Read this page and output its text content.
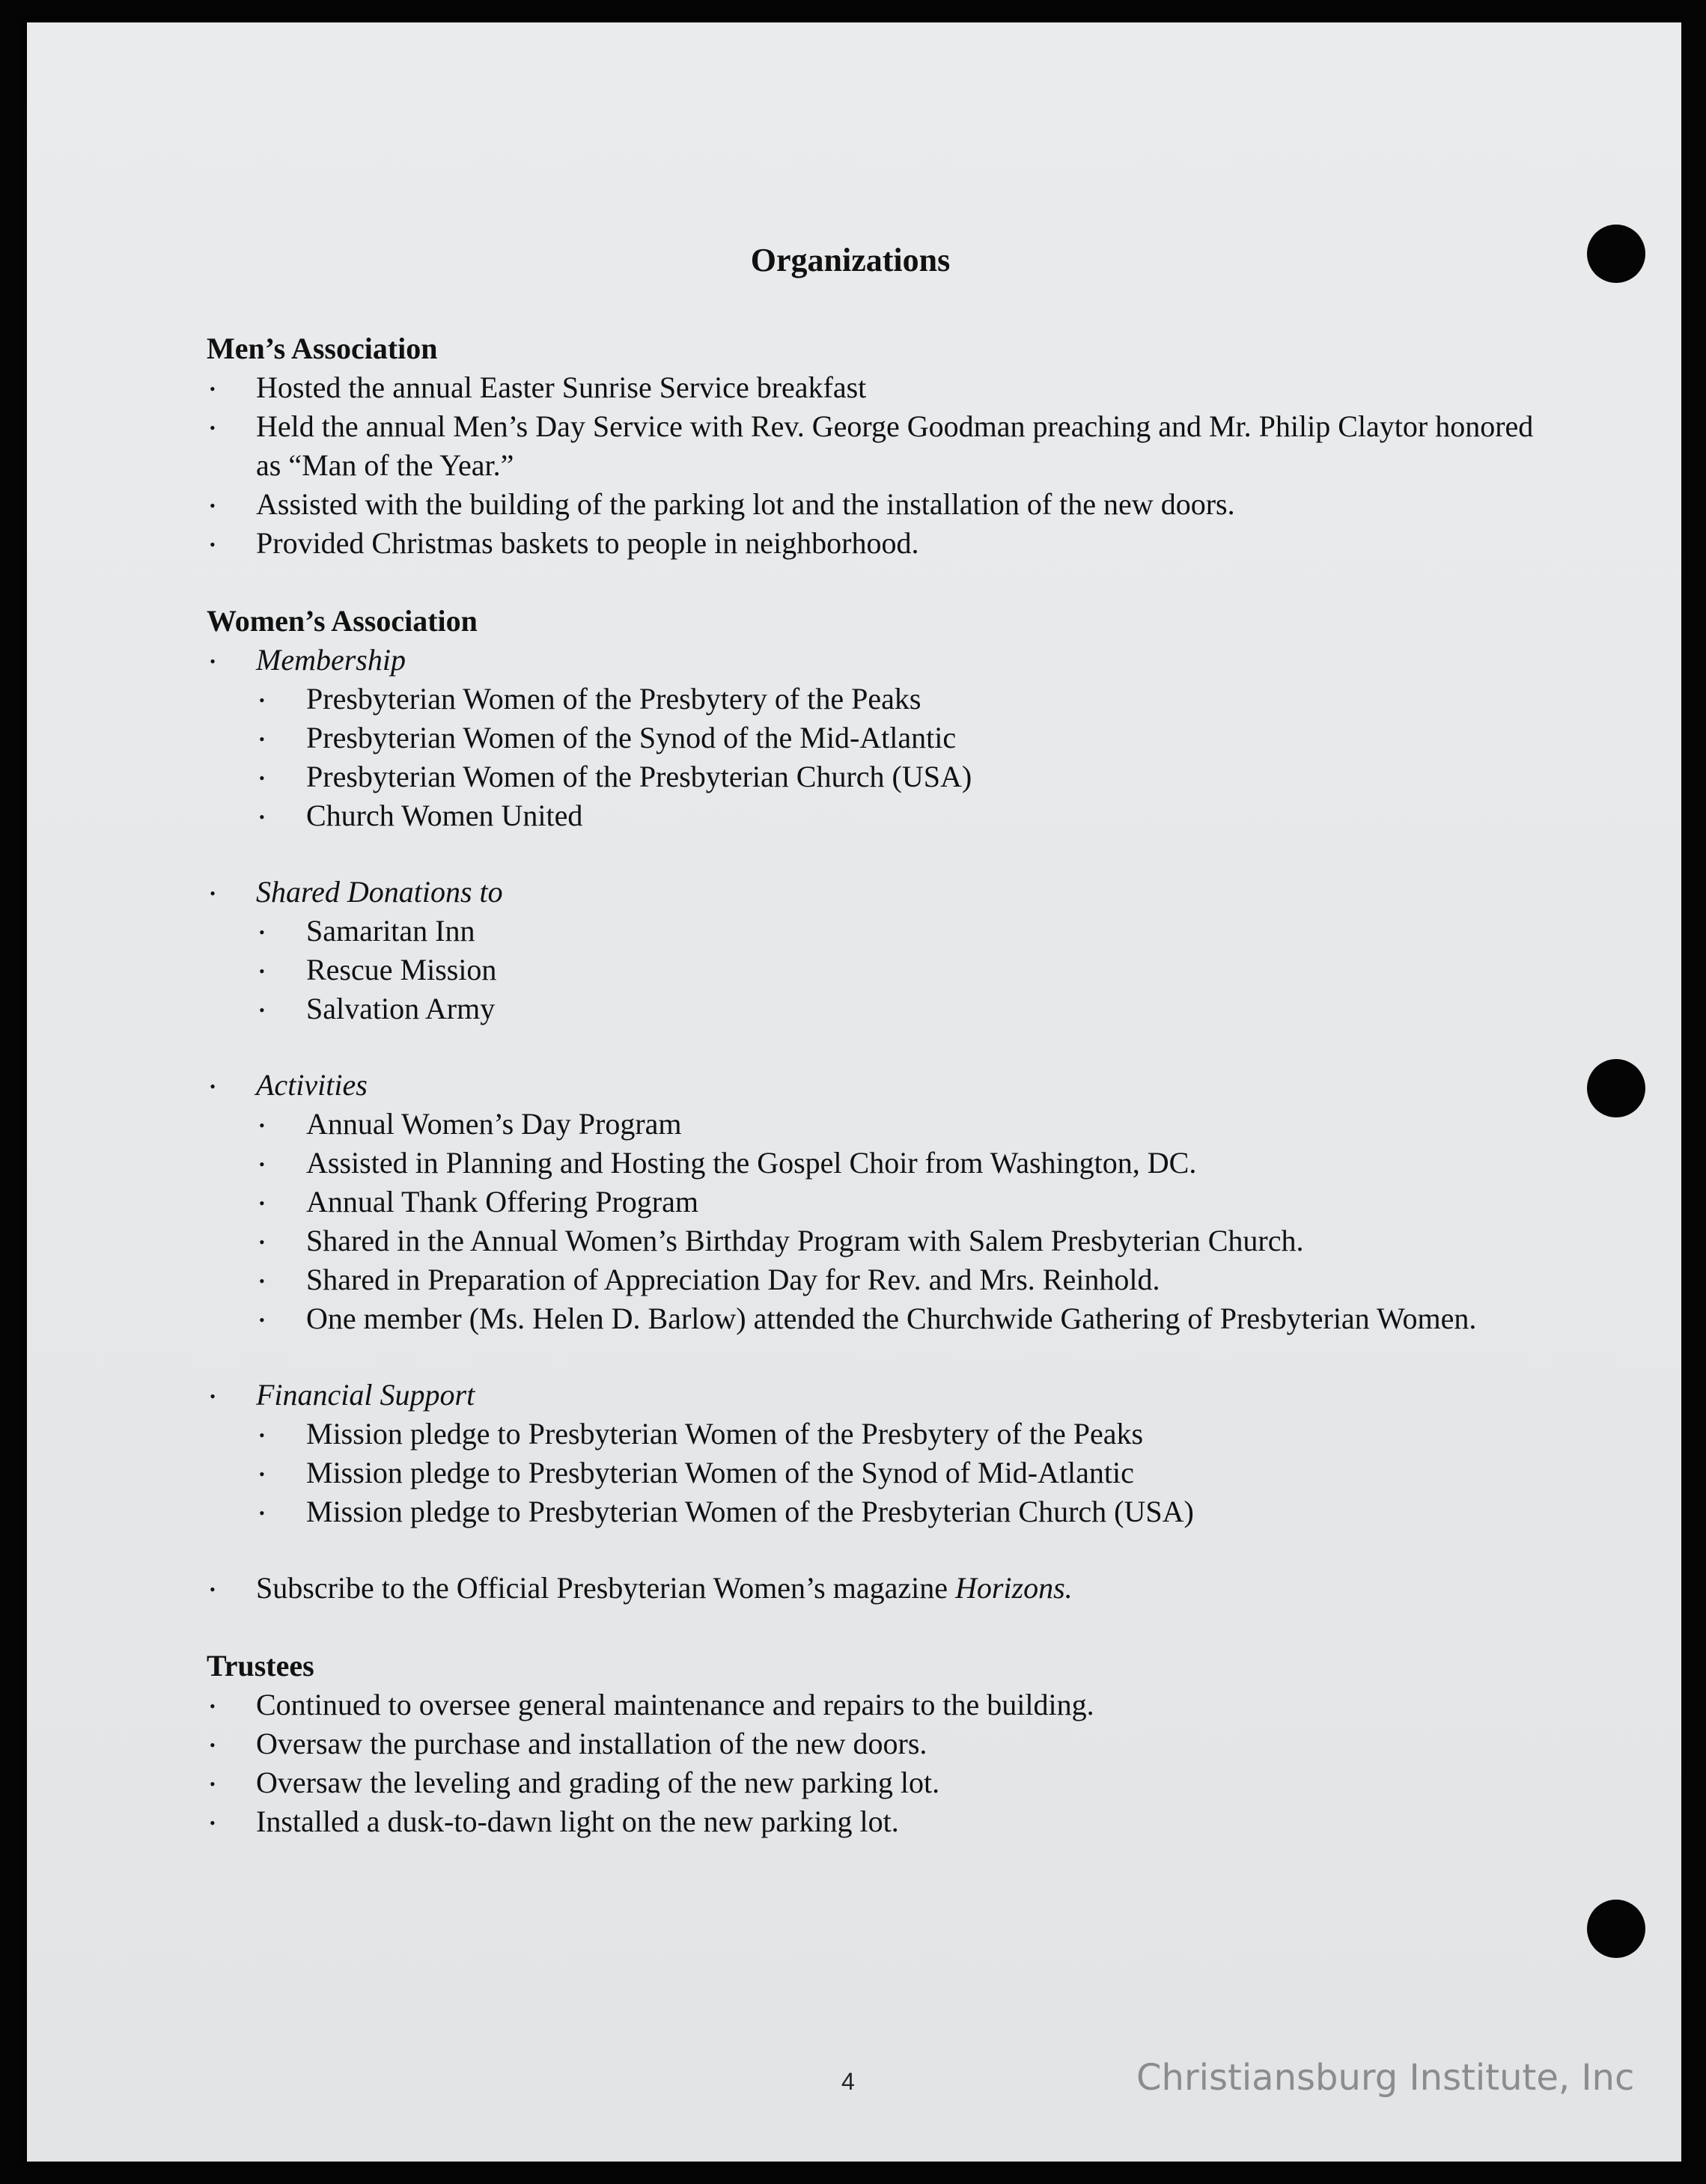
Organizations
Men’s Association
• Hosted the annual Easter Sunrise Service breakfast
• Held the annual Men’s Day Service with Rev. George Goodman preaching and Mr. Philip Claytor honored as “Man of the Year.”
• Assisted with the building of the parking lot and the installation of the new doors.
• Provided Christmas baskets to people in neighborhood.
Women’s Association
• Membership
• Presbyterian Women of the Presbytery of the Peaks
• Presbyterian Women of the Synod of the Mid-Atlantic
• Presbyterian Women of the Presbyterian Church (USA)
• Church Women United
• Shared Donations to
• Samaritan Inn
• Rescue Mission
• Salvation Army
• Activities
• Annual Women’s Day Program
• Assisted in Planning and Hosting the Gospel Choir from Washington, DC.
• Annual Thank Offering Program
• Shared in the Annual Women’s Birthday Program with Salem Presbyterian Church.
• Shared in Preparation of Appreciation Day for Rev. and Mrs. Reinhold.
• One member (Ms. Helen D. Barlow) attended the Churchwide Gathering of Presbyterian Women.
• Financial Support
• Mission pledge to Presbyterian Women of the Presbytery of the Peaks
• Mission pledge to Presbyterian Women of the Synod of Mid-Atlantic
• Mission pledge to Presbyterian Women of the Presbyterian Church (USA)
• Subscribe to the Official Presbyterian Women’s magazine Horizons.
Trustees
• Continued to oversee general maintenance and repairs to the building.
• Oversaw the purchase and installation of the new doors.
• Oversaw the leveling and grading of the new parking lot.
• Installed a dusk-to-dawn light on the new parking lot.
4	Christiansburg Institute, Inc
